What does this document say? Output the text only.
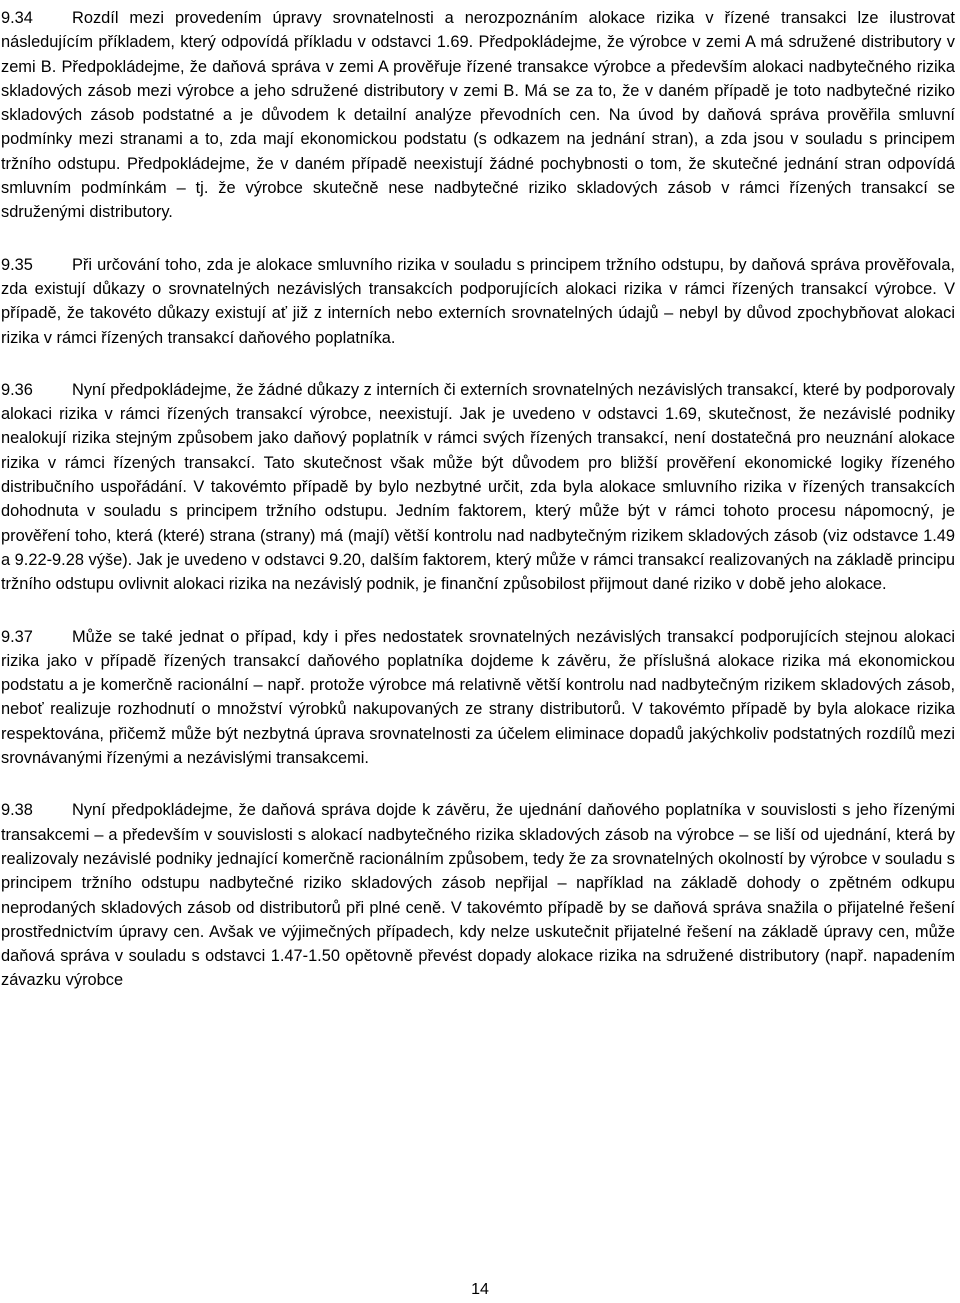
9.34 Rozdíl mezi provedením úpravy srovnatelnosti a nerozpoznáním alokace rizika v řízené transakci lze ilustrovat následujícím příkladem, který odpovídá příkladu v odstavci 1.69. Předpokládejme, že výrobce v zemi A má sdružené distributory v zemi B. Předpokládejme, že daňová správa v zemi A prověřuje řízené transakce výrobce a především alokaci nadbytečného rizika skladových zásob mezi výrobce a jeho sdružené distributory v zemi B. Má se za to, že v daném případě je toto nadbytečné riziko skladových zásob podstatné a je důvodem k detailní analýze převodních cen. Na úvod by daňová správa prověřila smluvní podmínky mezi stranami a to, zda mají ekonomickou podstatu (s odkazem na jednání stran), a zda jsou v souladu s principem tržního odstupu. Předpokládejme, že v daném případě neexistují žádné pochybnosti o tom, že skutečné jednání stran odpovídá smluvním podmínkám – tj. že výrobce skutečně nese nadbytečné riziko skladových zásob v rámci řízených transakcí se sdruženými distributory.

9.35 Při určování toho, zda je alokace smluvního rizika v souladu s principem tržního odstupu, by daňová správa prověřovala, zda existují důkazy o srovnatelných nezávislých transakcích podporujících alokaci rizika v rámci řízených transakcí výrobce. V případě, že takovéto důkazy existují ať již z interních nebo externích srovnatelných údajů – nebyl by důvod zpochybňovat alokaci rizika v rámci řízených transakcí daňového poplatníka.

9.36 Nyní předpokládejme, že žádné důkazy z interních či externích srovnatelných nezávislých transakcí, které by podporovaly alokaci rizika v rámci řízených transakcí výrobce, neexistují. Jak je uvedeno v odstavci 1.69, skutečnost, že nezávislé podniky nealokují rizika stejným způsobem jako daňový poplatník v rámci svých řízených transakcí, není dostatečná pro neuznání alokace rizika v rámci řízených transakcí. Tato skutečnost však může být důvodem pro bližší prověření ekonomické logiky řízeného distribučního uspořádání. V takovémto případě by bylo nezbytné určit, zda byla alokace smluvního rizika v řízených transakcích dohodnuta v souladu s principem tržního odstupu. Jedním faktorem, který může být v rámci tohoto procesu nápomocný, je prověření toho, která (které) strana (strany) má (mají) větší kontrolu nad nadbytečným rizikem skladových zásob (viz odstavce 1.49 a 9.22-9.28 výše). Jak je uvedeno v odstavci 9.20, dalším faktorem, který může v rámci transakcí realizovaných na základě principu tržního odstupu ovlivnit alokaci rizika na nezávislý podnik, je finanční způsobilost přijmout dané riziko v době jeho alokace.

9.37 Může se také jednat o případ, kdy i přes nedostatek srovnatelných nezávislých transakcí podporujících stejnou alokaci rizika jako v případě řízených transakcí daňového poplatníka dojdeme k závěru, že příslušná alokace rizika má ekonomickou podstatu a je komerčně racionální – např. protože výrobce má relativně větší kontrolu nad nadbytečným rizikem skladových zásob, neboť realizuje rozhodnutí o množství výrobků nakupovaných ze strany distributorů. V takovémto případě by byla alokace rizika respektována, přičemž může být nezbytná úprava srovnatelnosti za účelem eliminace dopadů jakýchkoliv podstatných rozdílů mezi srovnávanými řízenými a nezávislými transakcemi.

9.38 Nyní předpokládejme, že daňová správa dojde k závěru, že ujednání daňového poplatníka v souvislosti s jeho řízenými transakcemi – a především v souvislosti s alokací nadbytečného rizika skladových zásob na výrobce – se liší od ujednání, která by realizovaly nezávislé podniky jednající komerčně racionálním způsobem, tedy že za srovnatelných okolností by výrobce v souladu s principem tržního odstupu nadbytečné riziko skladových zásob nepřijal – například na základě dohody o zpětném odkupu neprodaných skladových zásob od distributorů při plné ceně. V takovémto případě by se daňová správa snažila o přijatelné řešení prostřednictvím úpravy cen. Avšak ve výjimečných případech, kdy nelze uskutečnit přijatelné řešení na základě úpravy cen, může daňová správa v souladu s odstavci 1.47-1.50 opětovně převést dopady alokace rizika na sdružené distributory (např. napadením závazku výrobce

14
